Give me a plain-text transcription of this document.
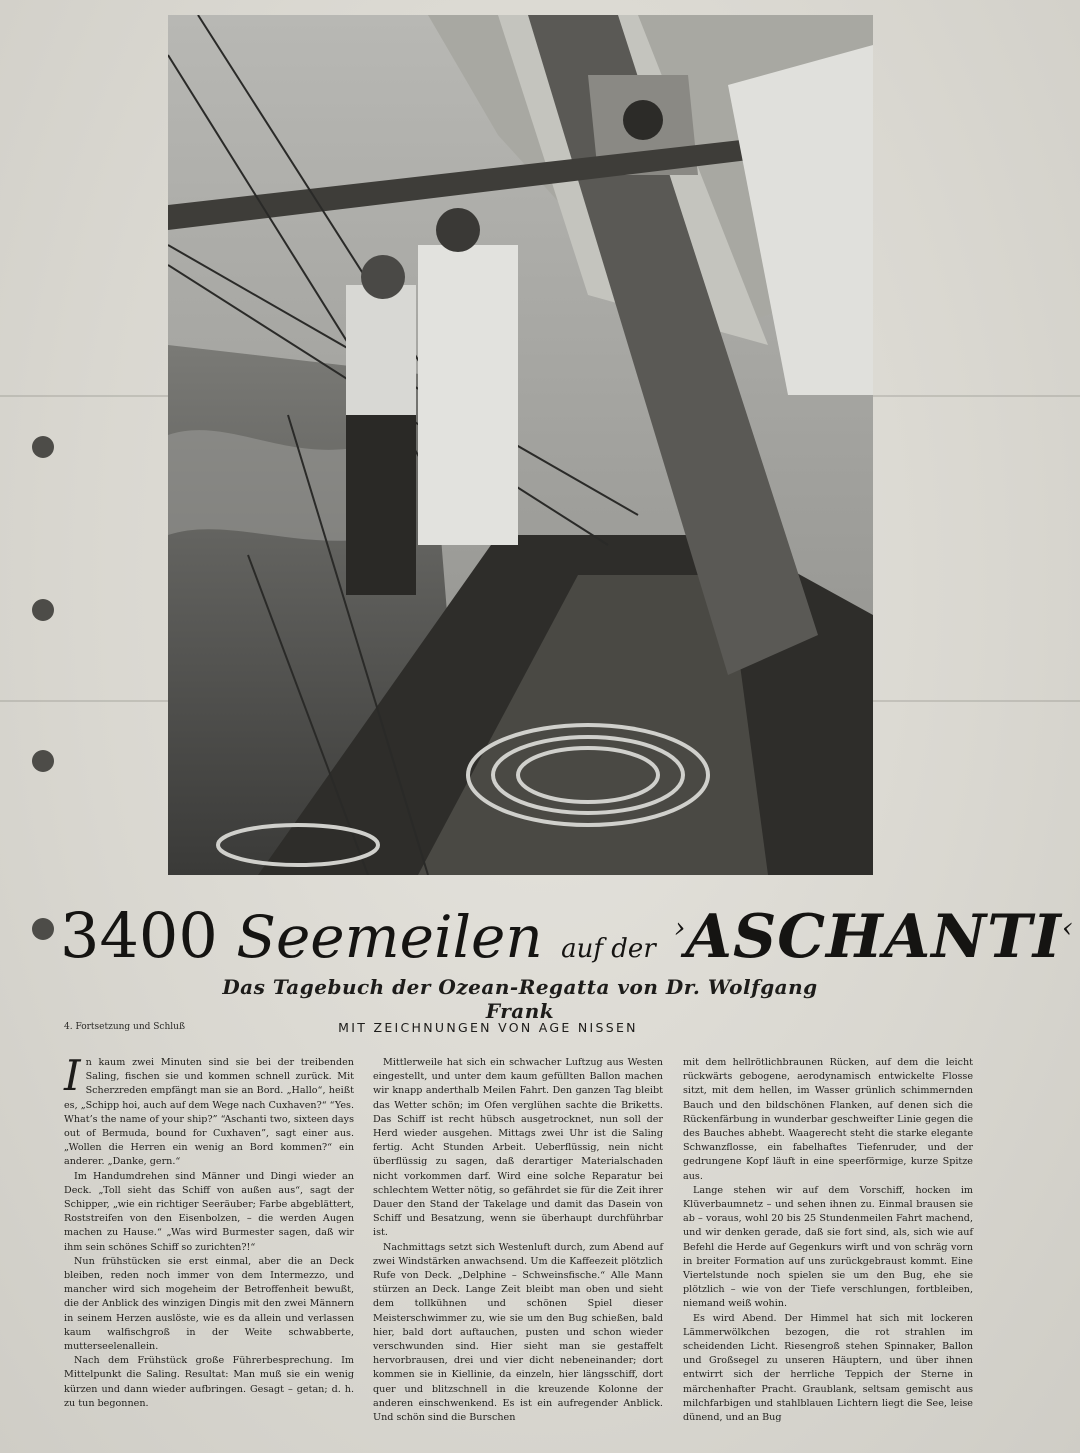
3400 Seemeilen auf der ›ASCHANTI‹
Das Tagebuch der Ozean-Regatta von Dr. Wolfgang Frank
4. Fortsetzung und Schluß	MIT ZEICHNUNGEN VON AGE NISSEN
I n kaum zwei Minuten sind sie bei der treibenden Saling, fischen sie und kommen schnell zurück. Mit Scherzreden empfängt man sie an Bord. „Hallo“, heißt es, „Schipp hoi, auch auf dem Wege nach Cuxhaven?“ “Yes. What’s the name of your ship?” “Aschanti two, sixteen days out of Bermuda, bound for Cuxhaven”, sagt einer aus. „Wollen die Herren ein wenig an Bord kommen?“ ein anderer. „Danke, gern.“

Im Handumdrehen sind Männer und Dingi wieder an Deck. „Toll sieht das Schiff von außen aus“, sagt der Schipper, „wie ein richtiger Seeräuber; Farbe abgeblättert, Roststreifen von den Eisenbolzen, – die werden Augen machen zu Hause.“ „Was wird Burmester sagen, daß wir ihm sein schönes Schiff so zurichten?!“

Nun frühstücken sie erst einmal, aber die an Deck bleiben, reden noch immer von dem Intermezzo, und mancher wird sich mogeheim der Betroffenheit bewußt, die der Anblick des winzigen Dingis mit den zwei Männern in seinem Herzen auslöste, wie es da allein und verlassen kaum walfischgroß in der Weite schwabberte, mutterseelenallein.

Nach dem Frühstück große Führerbesprechung. Im Mittelpunkt die Saling. Resultat: Man muß sie ein wenig kürzen und dann wieder aufbringen. Gesagt – getan; d. h. zu tun begonnen.

Mittlerweile hat sich ein schwacher Luftzug aus Westen eingestellt, und unter dem kaum gefüllten Ballon machen wir knapp anderthalb Meilen Fahrt. Den ganzen Tag bleibt das Wetter schön; im Ofen verglühen sachte die Briketts. Das Schiff ist recht hübsch ausgetrocknet, nun soll der Herd wieder ausgehen. Mittags zwei Uhr ist die Saling fertig. Acht Stunden Arbeit. Ueberflüssig, nein nicht überflüssig zu sagen, daß derartiger Materialschaden nicht vorkommen darf. Wird eine solche Reparatur bei schlechtem Wetter nötig, so gefährdet sie für die Zeit ihrer Dauer den Stand der Takelage und damit das Dasein von Schiff und Besatzung, wenn sie überhaupt durchführbar ist.

Nachmittags setzt sich Westenluft durch, zum Abend auf zwei Windstärken anwachsend. Um die Kaffeezeit plötzlich Rufe von Deck. „Delphine – Schweinsfische.“ Alle Mann stürzen an Deck. Lange Zeit bleibt man oben und sieht dem tollkühnen und schönen Spiel dieser Meisterschwimmer zu, wie sie um den Bug schießen, bald hier, bald dort auftauchen, pusten und schon wieder verschwunden sind. Hier sieht man sie gestaffelt hervorbrausen, drei und vier dicht nebeneinander; dort kommen sie in Kiellinie, da einzeln, hier längsschiff, dort quer und blitzschnell in die kreuzende Kolonne der anderen einschwenkend. Es ist ein aufregender Anblick. Und schön sind die Burschen

mit dem hellrötlichbraunen Rücken, auf dem die leicht rückwärts gebogene, aerodynamisch entwickelte Flosse sitzt, mit dem hellen, im Wasser grünlich schimmernden Bauch und den bildschönen Flanken, auf denen sich die Rückenfärbung in wunderbar geschweifter Linie gegen die des Bauches abhebt. Waagerecht steht die starke elegante Schwanzflosse, ein fabelhaftes Tiefenruder, und der gedrungene Kopf läuft in eine speerförmige, kurze Spitze aus.

Lange stehen wir auf dem Vorschiff, hocken im Klüverbaumnetz – und sehen ihnen zu. Einmal brausen sie ab – voraus, wohl 20 bis 25 Stundenmeilen Fahrt machend, und wir denken gerade, daß sie fort sind, als, sich wie auf Befehl die Herde auf Gegenkurs wirft und von schräg vorn in breiter Formation auf uns zurückgebraust kommt. Eine Viertelstunde noch spielen sie um den Bug, ehe sie plötzlich – wie von der Tiefe verschlungen, fortbleiben, niemand weiß wohin.

Es wird Abend. Der Himmel hat sich mit lockeren Lämmerwölkchen bezogen, die rot strahlen im scheidenden Licht. Riesengroß stehen Spinnaker, Ballon und Großsegel zu unseren Häuptern, und über ihnen entwirrt sich der herrliche Teppich der Sterne in märchenhafter Pracht. Graublank, seltsam gemischt aus milchfarbigen und stahlblauen Lichtern liegt die See, leise dünend, und an Bug
